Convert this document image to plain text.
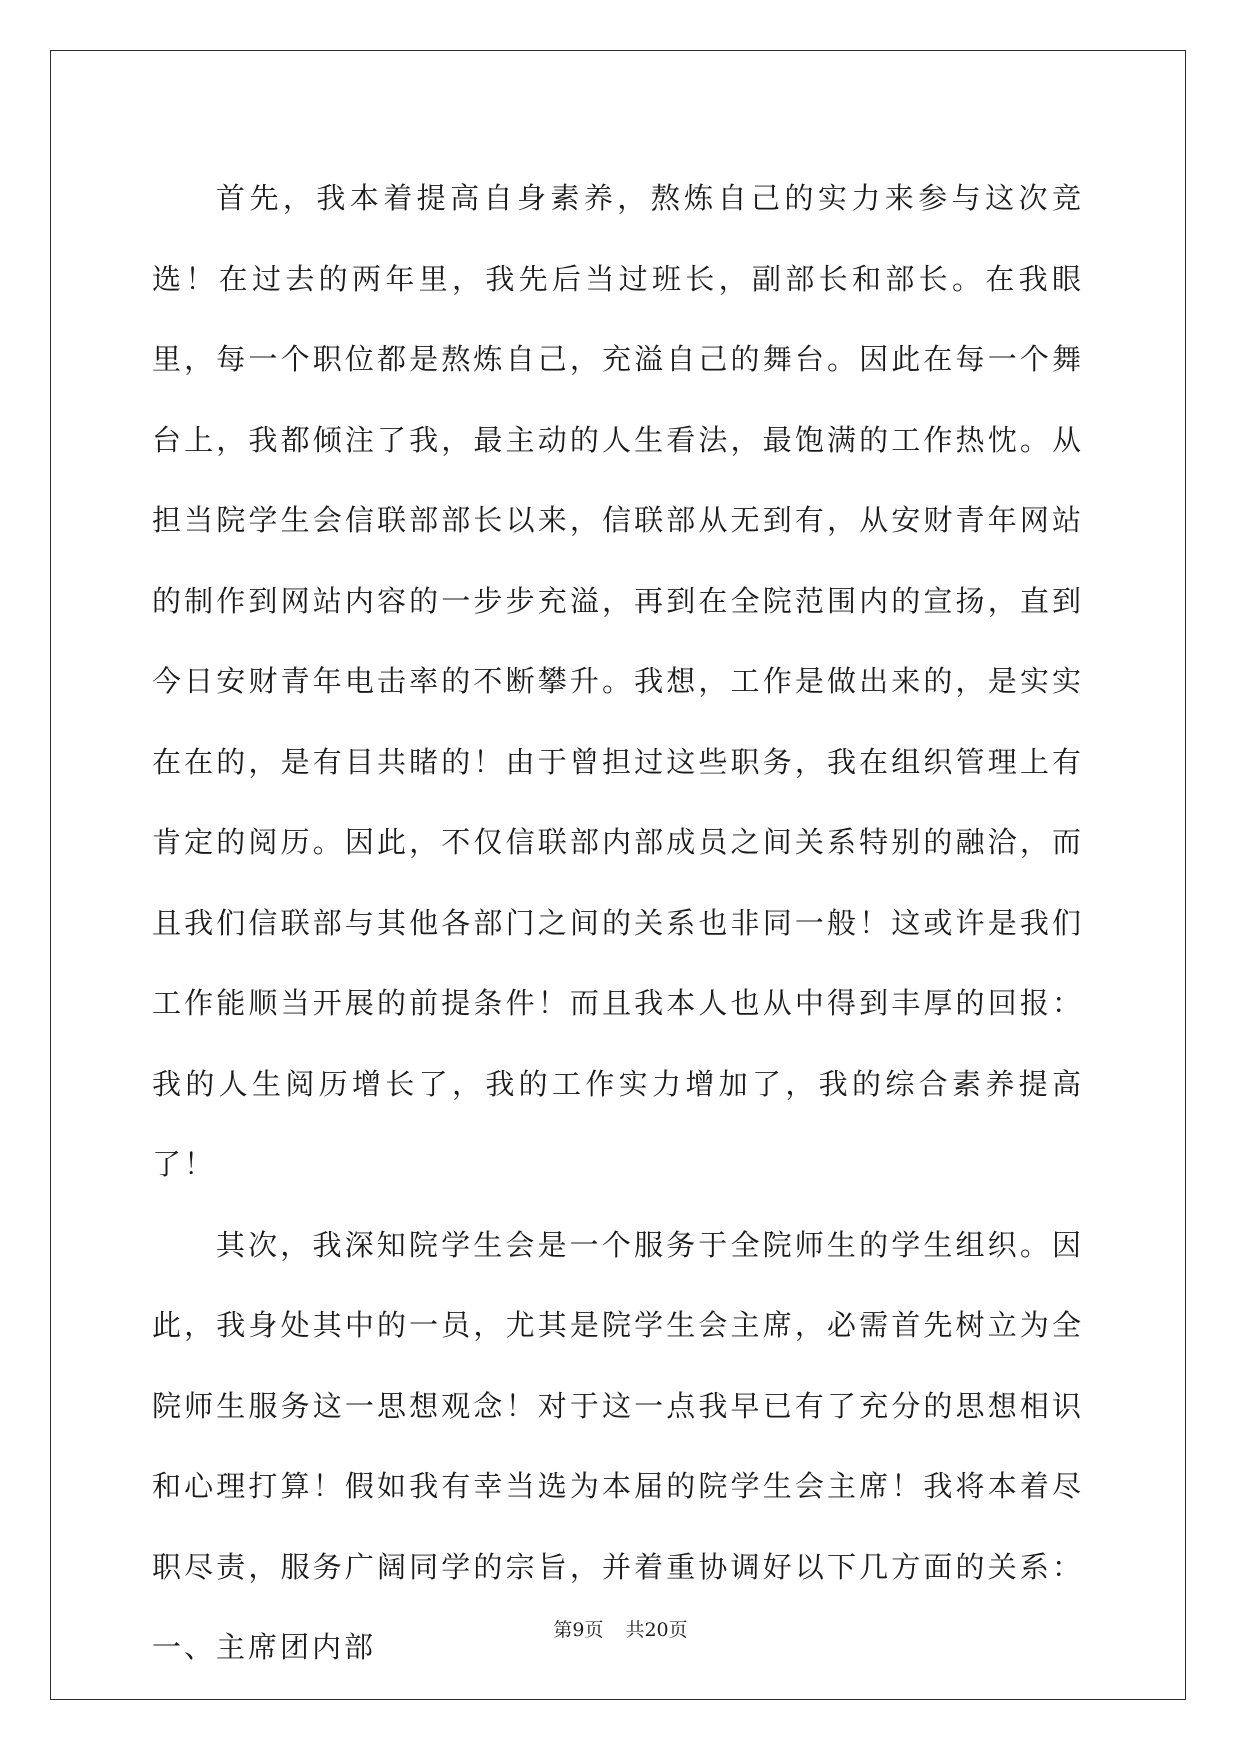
首先，我本着提高自身素养，熬炼自己的实力来参与这次竞选！在过去的两年里，我先后当过班长，副部长和部长。在我眼里，每一个职位都是熬炼自己，充溢自己的舞台。因此在每一个舞台上，我都倾注了我，最主动的人生看法，最饱满的工作热忱。从担当院学生会信联部部长以来，信联部从无到有，从安财青年网站的制作到网站内容的一步步充溢，再到在全院范围内的宣扬，直到今日安财青年电击率的不断攀升。我想，工作是做出来的，是实实在在的，是有目共睹的！由于曾担过这些职务，我在组织管理上有肯定的阅历。因此，不仅信联部内部成员之间关系特别的融洽，而且我们信联部与其他各部门之间的关系也非同一般！这或许是我们工作能顺当开展的前提条件！而且我本人也从中得到丰厚的回报：我的人生阅历增长了，我的工作实力增加了，我的综合素养提高了！

其次，我深知院学生会是一个服务于全院师生的学生组织。因此，我身处其中的一员，尤其是院学生会主席，必需首先树立为全院师生服务这一思想观念！对于这一点我早已有了充分的思想相识和心理打算！假如我有幸当选为本届的院学生会主席！我将本着尽职尽责，服务广阔同学的宗旨，并着重协调好以下几方面的关系：一、主席团内部	第9页 共20页
